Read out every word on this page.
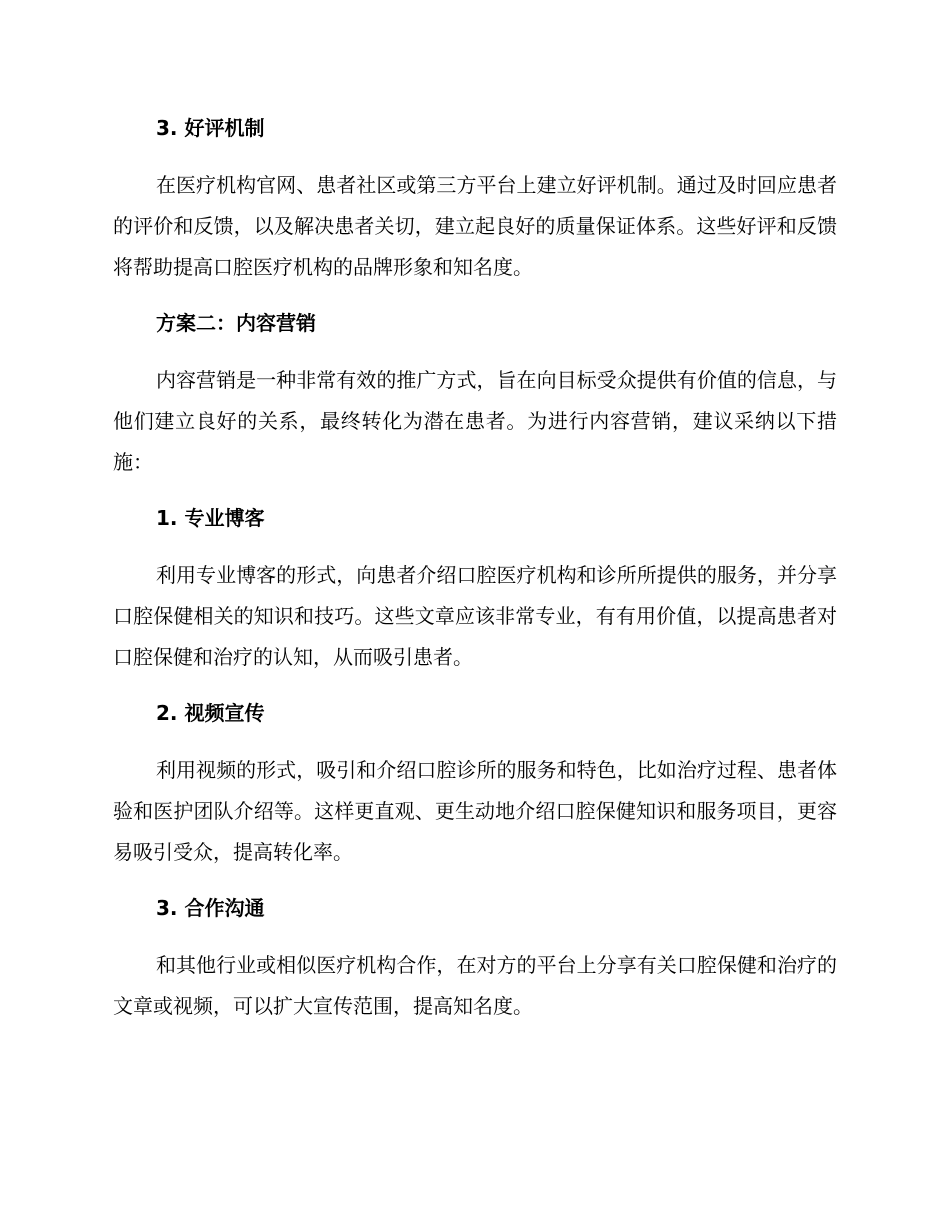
3. 好评机制

在医疗机构官网、患者社区或第三方平台上建立好评机制。通过及时回应患者的评价和反馈，以及解决患者关切，建立起良好的质量保证体系。这些好评和反馈将帮助提高口腔医疗机构的品牌形象和知名度。

方案二：内容营销

内容营销是一种非常有效的推广方式，旨在向目标受众提供有价值的信息，与他们建立良好的关系，最终转化为潜在患者。为进行内容营销，建议采纳以下措施：

1. 专业博客

利用专业博客的形式，向患者介绍口腔医疗机构和诊所所提供的服务，并分享口腔保健相关的知识和技巧。这些文章应该非常专业，有有用价值，以提高患者对口腔保健和治疗的认知，从而吸引患者。

2. 视频宣传

利用视频的形式，吸引和介绍口腔诊所的服务和特色，比如治疗过程、患者体验和医护团队介绍等。这样更直观、更生动地介绍口腔保健知识和服务项目，更容易吸引受众，提高转化率。

3. 合作沟通

和其他行业或相似医疗机构合作，在对方的平台上分享有关口腔保健和治疗的文章或视频，可以扩大宣传范围，提高知名度。
